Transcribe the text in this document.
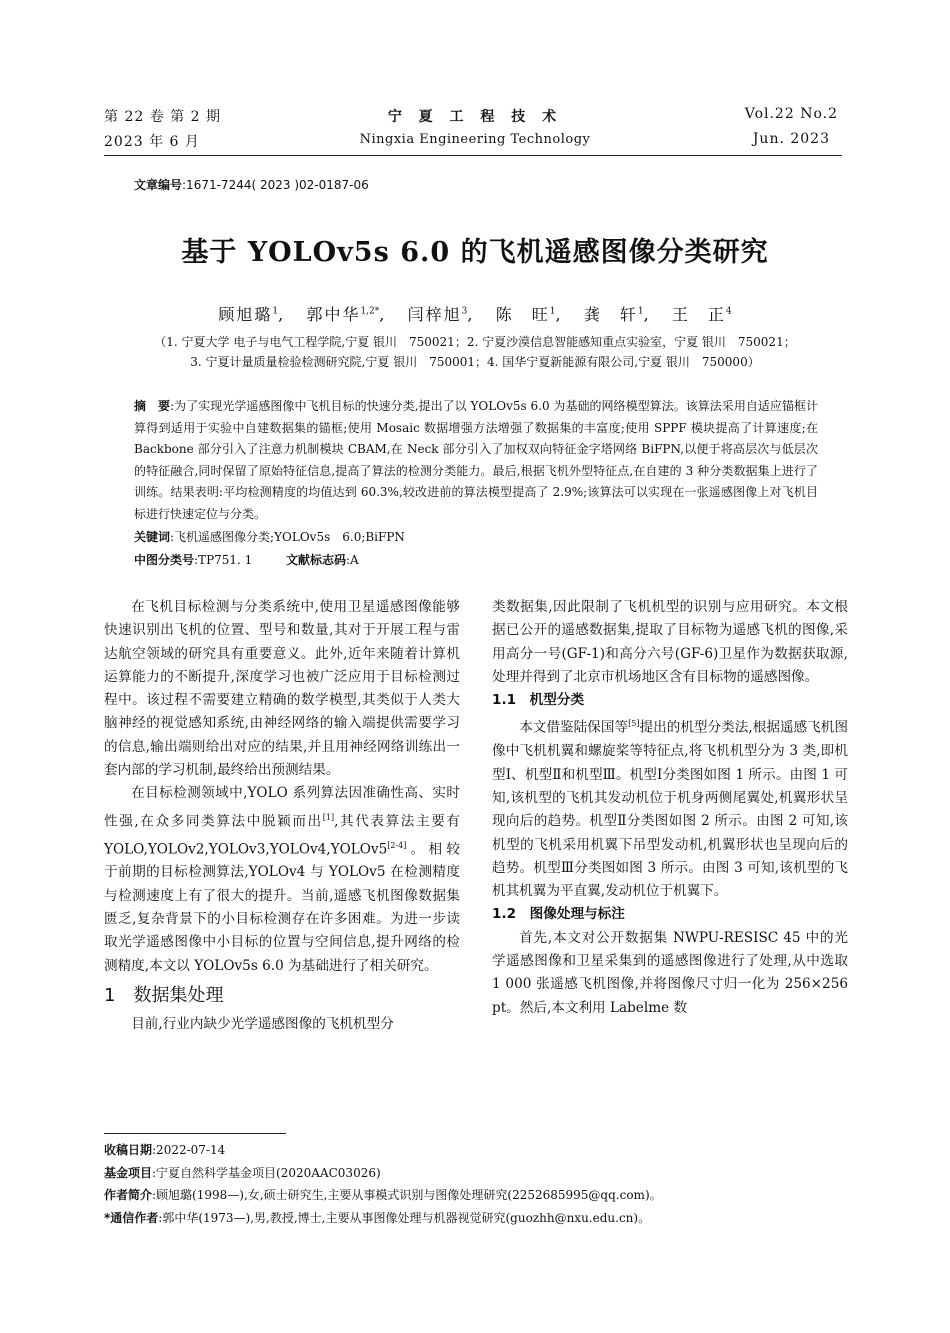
第 22 卷 第 2 期
2023 年 6 月
宁 夏 工 程 技 术
Ningxia Engineering Technology
Vol.22 No.2
Jun. 2023
文章编号:1671-7244( 2023 )02-0187-06
基于 YOLOv5s 6.0 的飞机遥感图像分类研究
顾旭璐$^1$,   郭中华$^{1,2*}$,   闫梓旭$^3$,   陈　旺$^1$,   龚　轩$^1$,   王　正$^4$
（1. 宁夏大学 电子与电气工程学院,宁夏 银川　750021；2. 宁夏沙漠信息智能感知重点实验室，宁夏 银川　750021；
3. 宁夏计量质量检验检测研究院,宁夏 银川　750001；4. 国华宁夏新能源有限公司,宁夏 银川　750000）
摘　要:为了实现光学遥感图像中飞机目标的快速分类,提出了以 YOLOv5s 6.0 为基础的网络模型算法。该算法采用自适应锚框计算得到适用于实验中自建数据集的锚框;使用 Mosaic 数据增强方法增强了数据集的丰富度;使用 SPPF 模块提高了计算速度;在 Backbone 部分引入了注意力机制模块 CBAM,在 Neck 部分引入了加权双向特征金字塔网络 BiFPN,以便于将高层次与低层次的特征融合,同时保留了原始特征信息,提高了算法的检测分类能力。最后,根据飞机外型特征点,在自建的 3 种分类数据集上进行了训练。结果表明:平均检测精度的均值达到 60.3%,较改进前的算法模型提高了 2.9%;该算法可以实现在一张遥感图像上对飞机目标进行快速定位与分类。
关键词:飞机遥感图像分类;YOLOv5s　6.0;BiFPN
中图分类号:TP751. 1	文献标志码:A

在飞机目标检测与分类系统中,使用卫星遥感图像能够快速识别出飞机的位置、型号和数量,其对于开展工程与雷达航空领域的研究具有重要意义。此外,近年来随着计算机运算能力的不断提升,深度学习也被广泛应用于目标检测过程中。该过程不需要建立精确的数学模型,其类似于人类大脑神经的视觉感知系统,由神经网络的输入端提供需要学习的信息,输出端则给出对应的结果,并且用神经网络训练出一套内部的学习机制,最终给出预测结果。

在目标检测领域中,YOLO 系列算法因准确性高、实时性强,在众多同类算法中脱颖而出[1],其代表算法主要有 YOLO,YOLOv2,YOLOv3,YOLOv4,YOLOv5[2-4]。相较于前期的目标检测算法,YOLOv4 与 YOLOv5 在检测精度与检测速度上有了很大的提升。当前,遥感飞机图像数据集匮乏,复杂背景下的小目标检测存在许多困难。为进一步读取光学遥感图像中小目标的位置与空间信息,提升网络的检测精度,本文以 YOLOv5s 6.0 为基础进行了相关研究。

1　数据集处理

目前,行业内缺少光学遥感图像的飞机机型分

类数据集,因此限制了飞机机型的识别与应用研究。本文根据已公开的遥感数据集,提取了目标物为遥感飞机的图像,采用高分一号(GF-1)和高分六号(GF-6)卫星作为数据获取源,处理并得到了北京市机场地区含有目标物的遥感图像。

1.1　机型分类

本文借鉴陆保国等[5]提出的机型分类法,根据遥感飞机图像中飞机机翼和螺旋桨等特征点,将飞机机型分为 3 类,即机型Ⅰ、机型Ⅱ和机型Ⅲ。机型Ⅰ分类图如图 1 所示。由图 1 可知,该机型的飞机其发动机位于机身两侧尾翼处,机翼形状呈现向后的趋势。机型Ⅱ分类图如图 2 所示。由图 2 可知,该机型的飞机采用机翼下吊型发动机,机翼形状也呈现向后的趋势。机型Ⅲ分类图如图 3 所示。由图 3 可知,该机型的飞机其机翼为平直翼,发动机位于机翼下。

1.2　图像处理与标注

首先,本文对公开数据集 NWPU-RESISC 45 中的光学遥感图像和卫星采集到的遥感图像进行了处理,从中选取 1 000 张遥感飞机图像,并将图像尺寸归一化为 256×256 pt。然后,本文利用 Labelme 数

收稿日期:2022-07-14
基金项目:宁夏自然科学基金项目(2020AAC03026)
作者简介:顾旭璐(1998—),女,硕士研究生,主要从事模式识别与图像处理研究(2252685995@qq.com)。
*通信作者:郭中华(1973—),男,教授,博士,主要从事图像处理与机器视觉研究(guozhh@nxu.edu.cn)。
